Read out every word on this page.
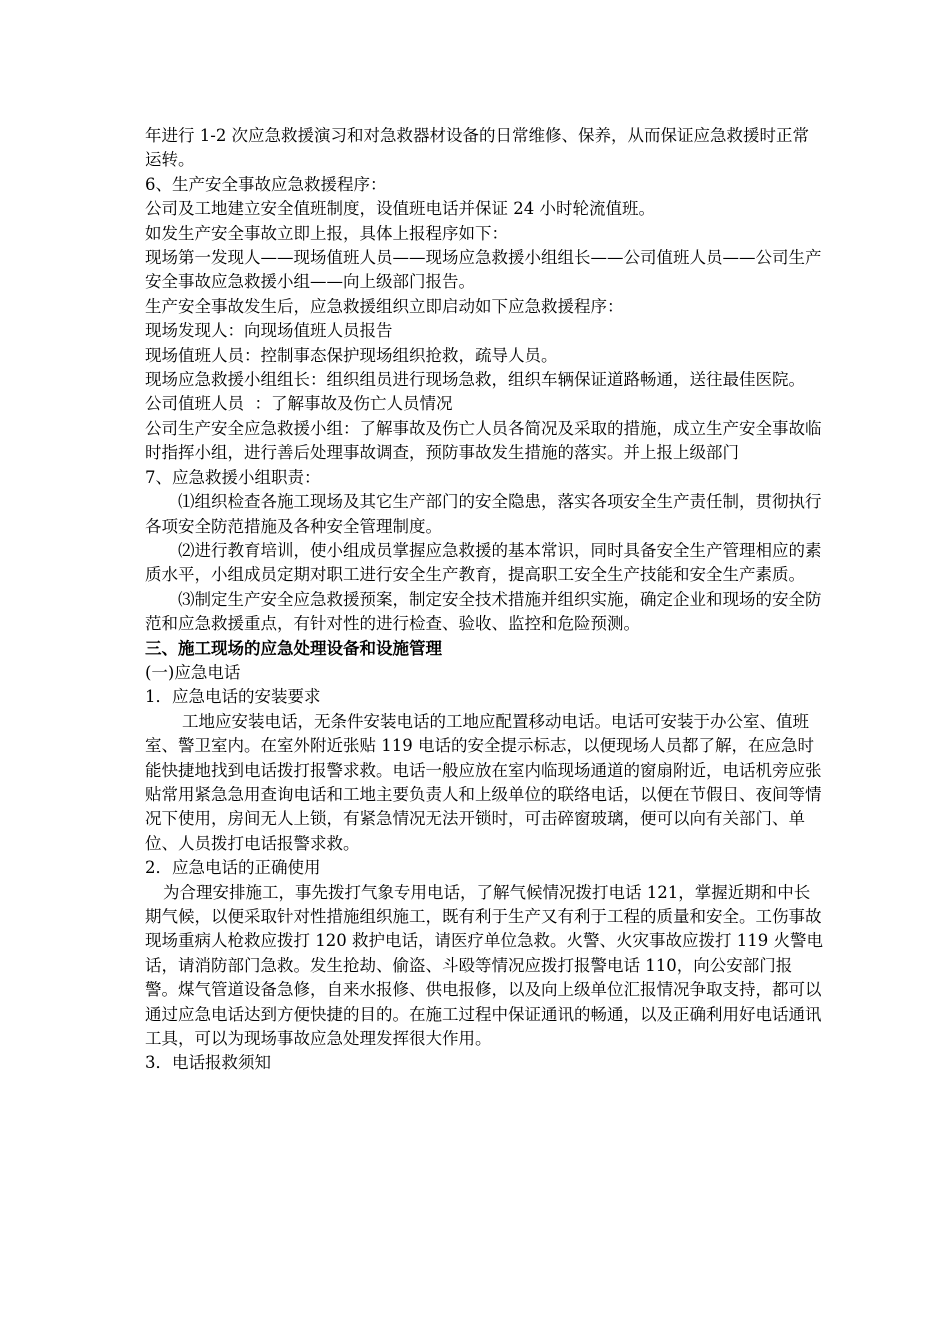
年进行 1-2 次应急救援演习和对急救器材设备的日常维修、保养，从而保证应急救援时正常运转。

6、生产安全事故应急救援程序：

公司及工地建立安全值班制度，设值班电话并保证 24 小时轮流值班。

如发生产安全事故立即上报，具体上报程序如下：

现场第一发现人——现场值班人员——现场应急救援小组组长——公司值班人员——公司生产安全事故应急救援小组——向上级部门报告。

生产安全事故发生后，应急救援组织立即启动如下应急救援程序：

现场发现人：向现场值班人员报告

现场值班人员：控制事态保护现场组织抢救，疏导人员。

现场应急救援小组组长：组织组员进行现场急救，组织车辆保证道路畅通，送往最佳医院。

公司值班人员  ：了解事故及伤亡人员情况

公司生产安全应急救援小组：了解事故及伤亡人员各简况及采取的措施，成立生产安全事故临时指挥小组，进行善后处理事故调查，预防事故发生措施的落实。并上报上级部门

7、应急救援小组职责：

⑴组织检查各施工现场及其它生产部门的安全隐患，落实各项安全生产责任制，贯彻执行各项安全防范措施及各种安全管理制度。

⑵进行教育培训，使小组成员掌握应急救援的基本常识，同时具备安全生产管理相应的素质水平，小组成员定期对职工进行安全生产教育，提高职工安全生产技能和安全生产素质。

⑶制定生产安全应急救援预案，制定安全技术措施并组织实施，确定企业和现场的安全防范和应急救援重点，有针对性的进行检查、验收、监控和危险预测。

三、施工现场的应急处理设备和设施管理

(一)应急电话

1．应急电话的安装要求

工地应安装电话，无条件安装电话的工地应配置移动电话。电话可安装于办公室、值班室、警卫室内。在室外附近张贴 119 电话的安全提示标志，以便现场人员都了解，在应急时能快捷地找到电话拨打报警求救。电话一般应放在室内临现场通道的窗扇附近，电话机旁应张贴常用紧急急用查询电话和工地主要负责人和上级单位的联络电话，以便在节假日、夜间等情况下使用，房间无人上锁，有紧急情况无法开锁时，可击碎窗玻璃，便可以向有关部门、单位、人员拨打电话报警求救。

2．应急电话的正确使用

为合理安排施工，事先拨打气象专用电话，了解气候情况拨打电话 121，掌握近期和中长期气候，以便采取针对性措施组织施工，既有利于生产又有利于工程的质量和安全。工伤事故现场重病人枪救应拨打 120 救护电话，请医疗单位急救。火警、火灾事故应拨打 119 火警电话，请消防部门急救。发生抢劫、偷盗、斗殴等情况应拨打报警电话 110，向公安部门报警。煤气管道设备急修，自来水报修、供电报修，以及向上级单位汇报情况争取支持，都可以通过应急电话达到方便快捷的目的。在施工过程中保证通讯的畅通，以及正确利用好电话通讯工具，可以为现场事故应急处理发挥很大作用。

3．电话报救须知
